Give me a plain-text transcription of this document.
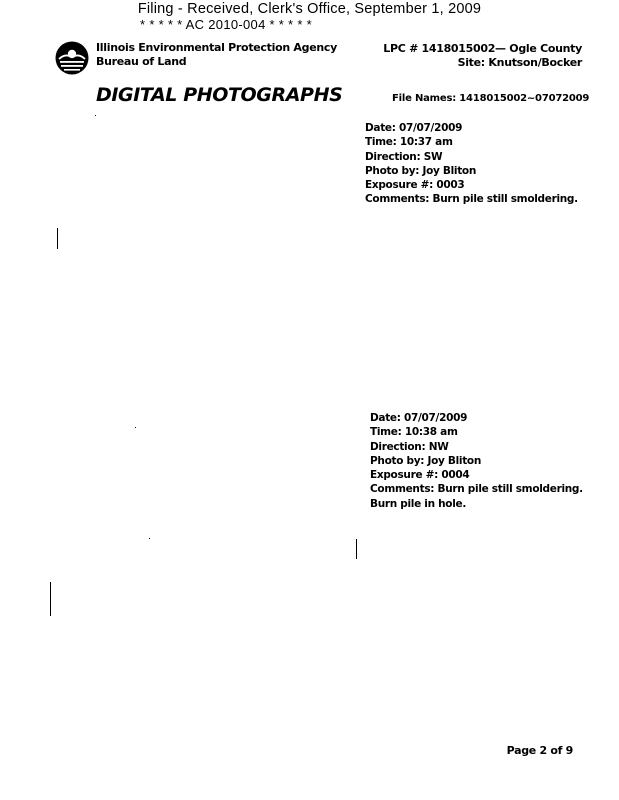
Filing - Received, Clerk's Office, September 1, 2009
* * * * * AC 2010-004 * * * * *
Illinois Environmental Protection Agency
Bureau of Land
LPC # 1418015002— Ogle County
Site: Knutson/Bocker
DIGITAL PHOTOGRAPHS	File Names: 1418015002~07072009
Date: 07/07/2009
Time: 10:37 am
Direction: SW
Photo by: Joy Bliton
Exposure #: 0003
Comments: Burn pile still smoldering.
Date: 07/07/2009
Time: 10:38 am
Direction: NW
Photo by: Joy Bliton
Exposure #: 0004
Comments: Burn pile still smoldering.
Burn pile in hole.
Page 2 of 9
